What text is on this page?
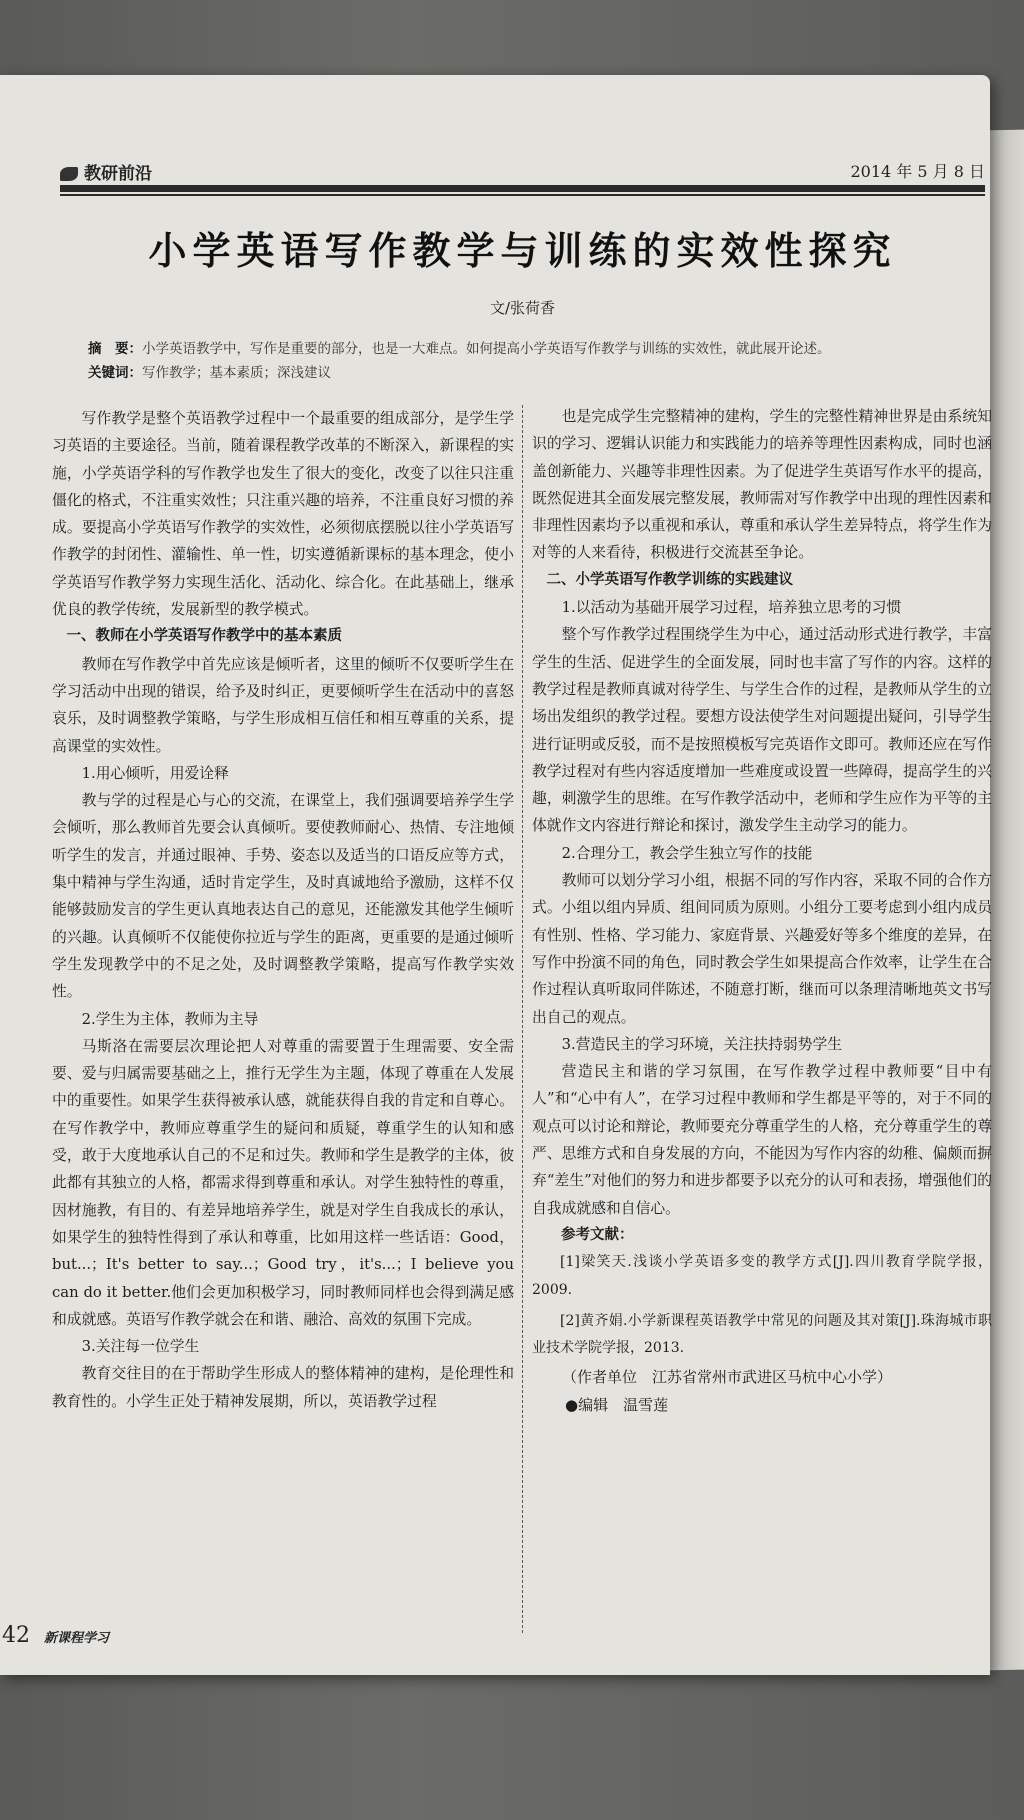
教研前沿	2014 年 5 月 8 日
小学英语写作教学与训练的实效性探究
文/张荷香
摘　要：小学英语教学中，写作是重要的部分，也是一大难点。如何提高小学英语写作教学与训练的实效性，就此展开论述。
关键词：写作教学；基本素质；深浅建议

写作教学是整个英语教学过程中一个最重要的组成部分，是学生学习英语的主要途径。当前，随着课程教学改革的不断深入，新课程的实施，小学英语学科的写作教学也发生了很大的变化，改变了以往只注重僵化的格式，不注重实效性；只注重兴趣的培养，不注重良好习惯的养成。要提高小学英语写作教学的实效性，必须彻底摆脱以往小学英语写作教学的封闭性、灌输性、单一性，切实遵循新课标的基本理念，使小学英语写作教学努力实现生活化、活动化、综合化。在此基础上，继承优良的教学传统，发展新型的教学模式。

一、教师在小学英语写作教学中的基本素质

教师在写作教学中首先应该是倾听者，这里的倾听不仅要听学生在学习活动中出现的错误，给予及时纠正，更要倾听学生在活动中的喜怒哀乐，及时调整教学策略，与学生形成相互信任和相互尊重的关系，提高课堂的实效性。

1.用心倾听，用爱诠释

教与学的过程是心与心的交流，在课堂上，我们强调要培养学生学会倾听，那么教师首先要会认真倾听。要使教师耐心、热情、专注地倾听学生的发言，并通过眼神、手势、姿态以及适当的口语反应等方式，集中精神与学生沟通，适时肯定学生，及时真诚地给予激励，这样不仅能够鼓励发言的学生更认真地表达自己的意见，还能激发其他学生倾听的兴趣。认真倾听不仅能使你拉近与学生的距离，更重要的是通过倾听学生发现教学中的不足之处，及时调整教学策略，提高写作教学实效性。

2.学生为主体，教师为主导

马斯洛在需要层次理论把人对尊重的需要置于生理需要、安全需要、爱与归属需要基础之上，推行无学生为主题，体现了尊重在人发展中的重要性。如果学生获得被承认感，就能获得自我的肯定和自尊心。在写作教学中，教师应尊重学生的疑问和质疑，尊重学生的认知和感受，敢于大度地承认自己的不足和过失。教师和学生是教学的主体，彼此都有其独立的人格，都需求得到尊重和承认。对学生独特性的尊重，因材施教，有目的、有差异地培养学生，就是对学生自我成长的承认，如果学生的独特性得到了承认和尊重，比如用这样一些话语：Good，but...；It's better to say...；Good try，it's...；I believe you can do it better.他们会更加积极学习，同时教师同样也会得到满足感和成就感。英语写作教学就会在和谐、融洽、高效的氛围下完成。

3.关注每一位学生

教育交往目的在于帮助学生形成人的整体精神的建构，是伦理性和教育性的。小学生正处于精神发展期，所以，英语教学过程

也是完成学生完整精神的建构，学生的完整性精神世界是由系统知识的学习、逻辑认识能力和实践能力的培养等理性因素构成，同时也涵盖创新能力、兴趣等非理性因素。为了促进学生英语写作水平的提高，既然促进其全面发展完整发展，教师需对写作教学中出现的理性因素和非理性因素均予以重视和承认，尊重和承认学生差异特点，将学生作为对等的人来看待，积极进行交流甚至争论。

二、小学英语写作教学训练的实践建议
1.以活动为基础开展学习过程，培养独立思考的习惯

整个写作教学过程围绕学生为中心，通过活动形式进行教学，丰富学生的生活、促进学生的全面发展，同时也丰富了写作的内容。这样的教学过程是教师真诚对待学生、与学生合作的过程，是教师从学生的立场出发组织的教学过程。要想方设法使学生对问题提出疑问，引导学生进行证明或反驳，而不是按照模板写完英语作文即可。教师还应在写作教学过程对有些内容适度增加一些难度或设置一些障碍，提高学生的兴趣，刺激学生的思维。在写作教学活动中，老师和学生应作为平等的主体就作文内容进行辩论和探讨，激发学生主动学习的能力。

2.合理分工，教会学生独立写作的技能

教师可以划分学习小组，根据不同的写作内容，采取不同的合作方式。小组以组内异质、组间同质为原则。小组分工要考虑到小组内成员有性别、性格、学习能力、家庭背景、兴趣爱好等多个维度的差异，在写作中扮演不同的角色，同时教会学生如果提高合作效率，让学生在合作过程认真听取同伴陈述，不随意打断，继而可以条理清晰地英文书写出自己的观点。

3.营造民主的学习环境，关注扶持弱势学生

营造民主和谐的学习氛围，在写作教学过程中教师要“目中有人”和“心中有人”，在学习过程中教师和学生都是平等的，对于不同的观点可以讨论和辩论，教师要充分尊重学生的人格，充分尊重学生的尊严、思维方式和自身发展的方向，不能因为写作内容的幼稚、偏颇而摒弃“差生”对他们的努力和进步都要予以充分的认可和表扬，增强他们的自我成就感和自信心。

参考文献：

[1]梁笑天.浅谈小学英语多变的教学方式[J].四川教育学院学报，2009.

[2]黄齐娟.小学新课程英语教学中常见的问题及其对策[J].珠海城市职业技术学院学报，2013.

（作者单位　江苏省常州市武进区马杭中心小学）

●编辑　温雪莲

42 新课程学习
